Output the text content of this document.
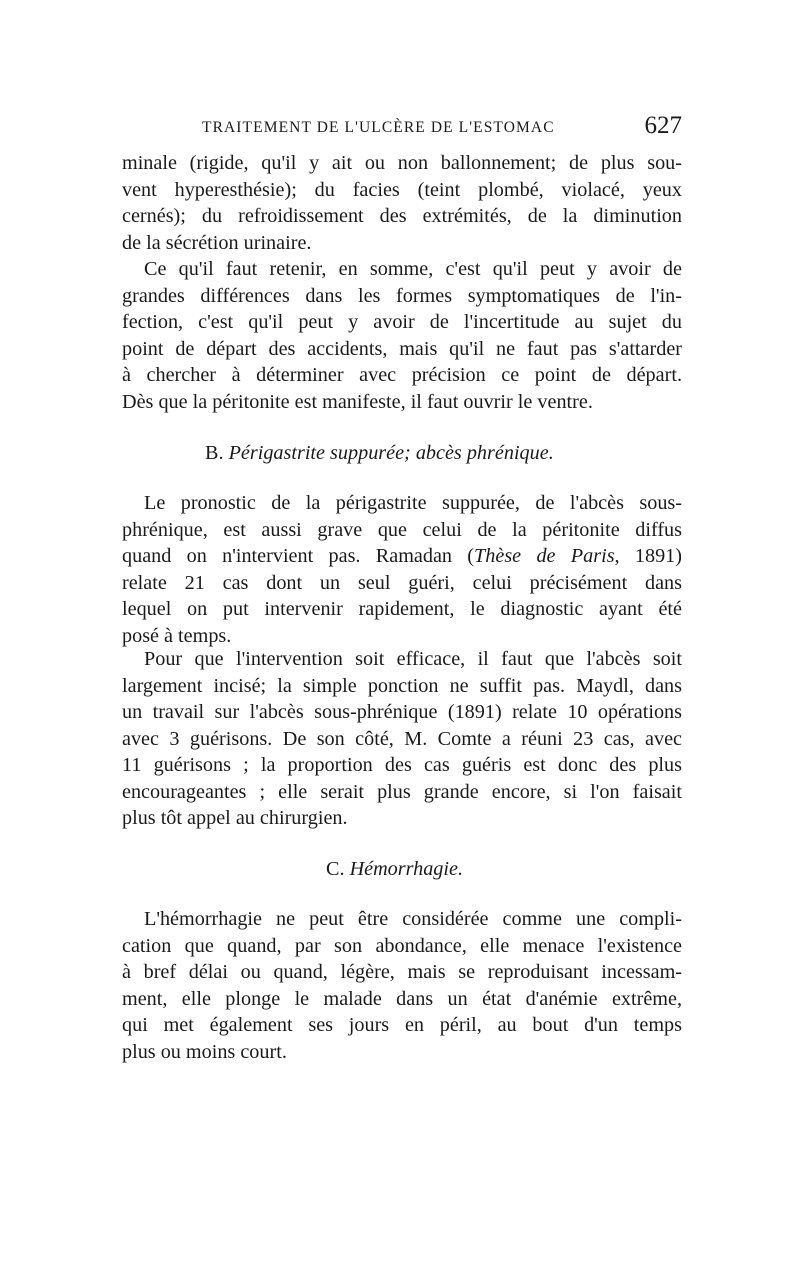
TRAITEMENT DE L'ULCÈRE DE L'ESTOMAC	627
minale (rigide, qu'il y ait ou non ballonnement; de plus sou-
vent hyperesthésie); du facies (teint plombé, violacé, yeux
cernés); du refroidissement des extrémités, de la diminution
de la sécrétion urinaire.
Ce qu'il faut retenir, en somme, c'est qu'il peut y avoir de
grandes différences dans les formes symptomatiques de l'in-
fection, c'est qu'il peut y avoir de l'incertitude au sujet du
point de départ des accidents, mais qu'il ne faut pas s'attarder
à chercher à déterminer avec précision ce point de départ.
Dès que la péritonite est manifeste, il faut ouvrir le ventre.
B. Périgastrite suppurée; abcès phrénique.
Le pronostic de la périgastrite suppurée, de l'abcès sous-
phrénique, est aussi grave que celui de la péritonite diffus
quand on n'intervient pas. Ramadan (Thèse de Paris, 1891)
relate 21 cas dont un seul guéri, celui précisément dans
lequel on put intervenir rapidement, le diagnostic ayant été
posé à temps.
Pour que l'intervention soit efficace, il faut que l'abcès soit
largement incisé; la simple ponction ne suffit pas. Maydl, dans
un travail sur l'abcès sous-phrénique (1891) relate 10 opérations
avec 3 guérisons. De son côté, M. Comte a réuni 23 cas, avec
11 guérisons ; la proportion des cas guéris est donc des plus
encourageantes ; elle serait plus grande encore, si l'on faisait
plus tôt appel au chirurgien.
C. Hémorrhagie.
L'hémorrhagie ne peut être considérée comme une compli-
cation que quand, par son abondance, elle menace l'existence
à bref délai ou quand, légère, mais se reproduisant incessam-
ment, elle plonge le malade dans un état d'anémie extrême,
qui met également ses jours en péril, au bout d'un temps
plus ou moins court.
